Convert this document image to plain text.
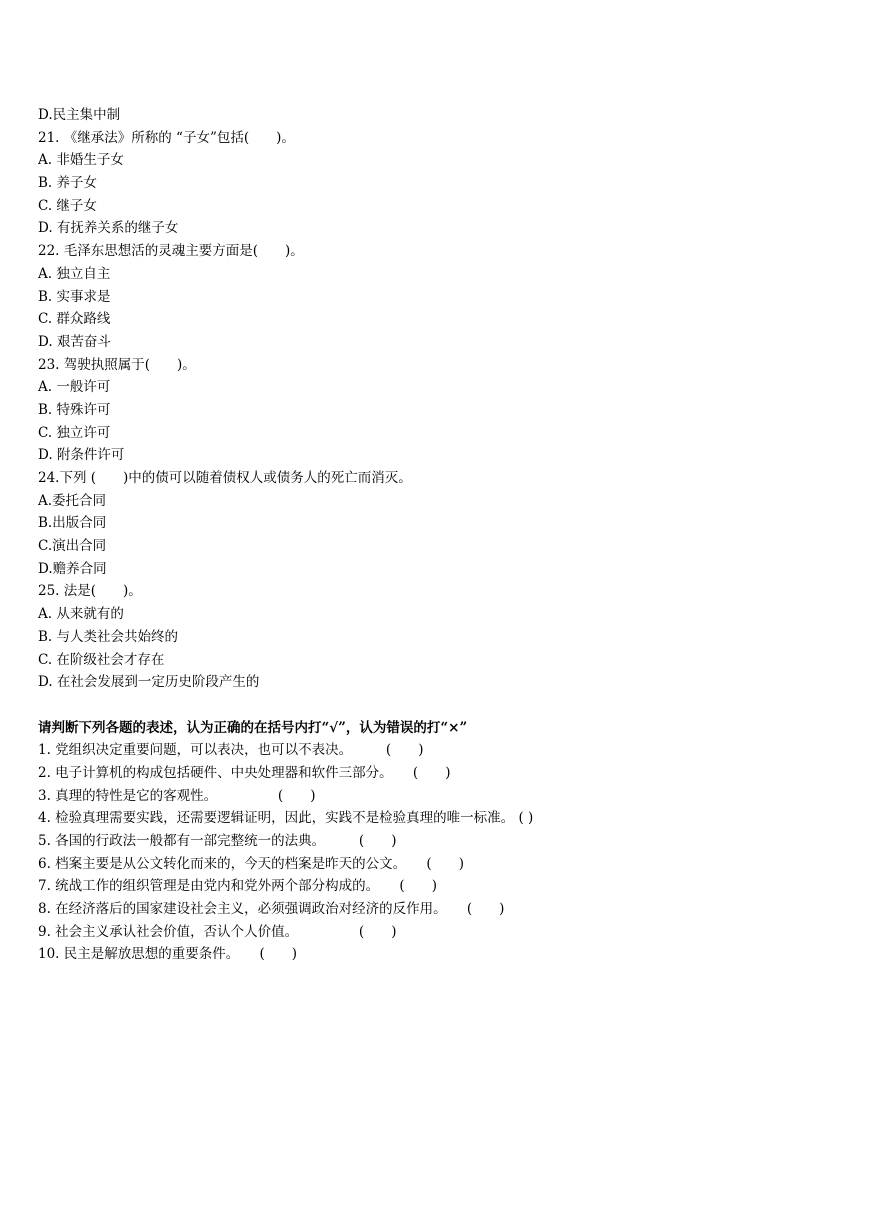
D.民主集中制
21. 《继承法》所称的 “子女”包括(　　)。
A. 非婚生子女
B. 养子女
C. 继子女
D. 有抚养关系的继子女
22. 毛泽东思想活的灵魂主要方面是(　　)。
A. 独立自主
B. 实事求是
C. 群众路线
D. 艰苦奋斗
23. 驾驶执照属于(　　)。
A. 一般许可
B. 特殊许可
C. 独立许可
D. 附条件许可
24.下列 (　　)中的债可以随着债权人或债务人的死亡而消灭。
A.委托合同
B.出版合同
C.演出合同
D.赡养合同
25. 法是(　　)。
A. 从来就有的
B. 与人类社会共始终的
C. 在阶级社会才存在
D. 在社会发展到一定历史阶段产生的

请判断下列各题的表述，认为正确的在括号内打“√”，认为错误的打“×”
1. 党组织决定重要问题，可以表决，也可以不表决。　　　(　　)
2. 电子计算机的构成包括硬件、中央处理器和软件三部分。　　(　　)
3. 真理的特性是它的客观性。　　　　　(　　)
4. 检验真理需要实践，还需要逻辑证明，因此，实践不是检验真理的唯一标准。 ( )
5. 各国的行政法一般都有一部完整统一的法典。　　　(　　)
6. 档案主要是从公文转化而来的，今天的档案是昨天的公文。　　(　　)
7. 统战工作的组织管理是由党内和党外两个部分构成的。　　(　　)
8. 在经济落后的国家建设社会主义，必须强调政治对经济的反作用。　　(　　)
9. 社会主义承认社会价值，否认个人价值。　　　　　(　　)
10. 民主是解放思想的重要条件。　　(　　)
